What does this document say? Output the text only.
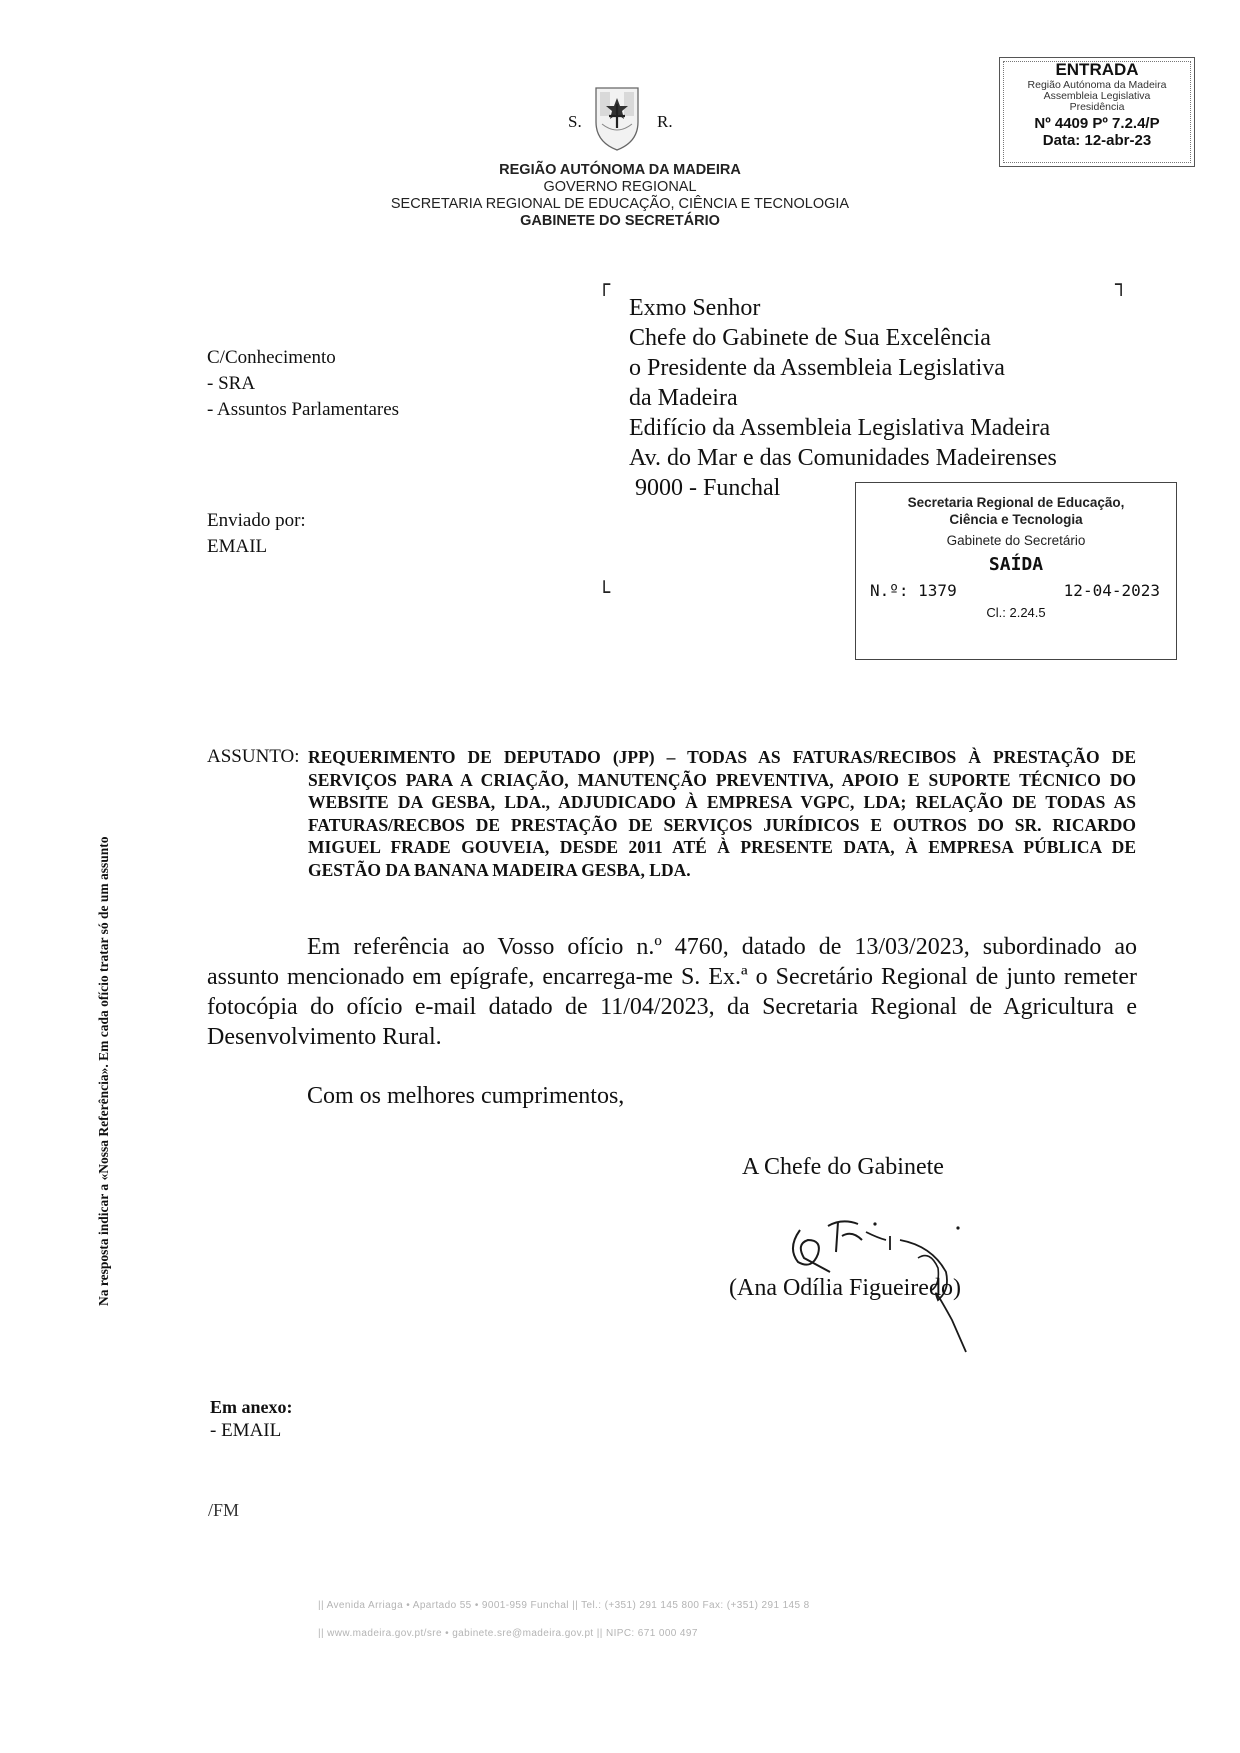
S.	R.
REGIÃO AUTÓNOMA DA MADEIRA
GOVERNO REGIONAL
SECRETARIA REGIONAL DE EDUCAÇÃO, CIÊNCIA E TECNOLOGIA
GABINETE DO SECRETÁRIO
ENTRADA
Região Autónoma da Madeira
Assembleia Legislativa
Presidência
Nº 4409 Pº 7.2.4/P
Data: 12-abr-23
┌	┐
└
C/Conhecimento
- SRA
- Assuntos Parlamentares
Enviado por:
EMAIL
Exmo Senhor
Chefe do Gabinete de Sua Excelência
o Presidente da Assembleia Legislativa
da Madeira
Edifício da Assembleia Legislativa Madeira
Av. do Mar e das Comunidades Madeirenses
9000 - Funchal
Secretaria Regional de Educação,
Ciência e Tecnologia
Gabinete do Secretário
SAÍDA
N.º: 1379	12-04-2023
Cl.: 2.24.5
Na resposta indicar a «Nossa Referência». Em cada ofício tratar só de um assunto
ASSUNTO: REQUERIMENTO DE DEPUTADO (JPP) – TODAS AS FATURAS/RECIBOS À PRESTAÇÃO DE SERVIÇOS PARA A CRIAÇÃO, MANUTENÇÃO PREVENTIVA, APOIO E SUPORTE TÉCNICO DO WEBSITE DA GESBA, LDA., ADJUDICADO À EMPRESA VGPC, LDA; RELAÇÃO DE TODAS AS FATURAS/RECBOS DE PRESTAÇÃO DE SERVIÇOS JURÍDICOS E OUTROS DO SR. RICARDO MIGUEL FRADE GOUVEIA, DESDE 2011 ATÉ À PRESENTE DATA, À EMPRESA PÚBLICA DE GESTÃO DA BANANA MADEIRA GESBA, LDA.

Em referência ao Vosso ofício n.º 4760, datado de 13/03/2023, subordinado ao assunto mencionado em epígrafe, encarrega-me S. Ex.ª o Secretário Regional de junto remeter fotocópia do ofício e-mail datado de 11/04/2023, da Secretaria Regional de Agricultura e Desenvolvimento Rural.

Com os melhores cumprimentos,
A Chefe do Gabinete
(Ana Odília Figueiredo)
Em anexo:
- EMAIL
/FM
|| Avenida Arriaga • Apartado 55 • 9001-959 Funchal || Tel.: (+351) 291 145 800 Fax: (+351) 291 145 8
|| www.madeira.gov.pt/sre • gabinete.sre@madeira.gov.pt || NIPC: 671 000 497
